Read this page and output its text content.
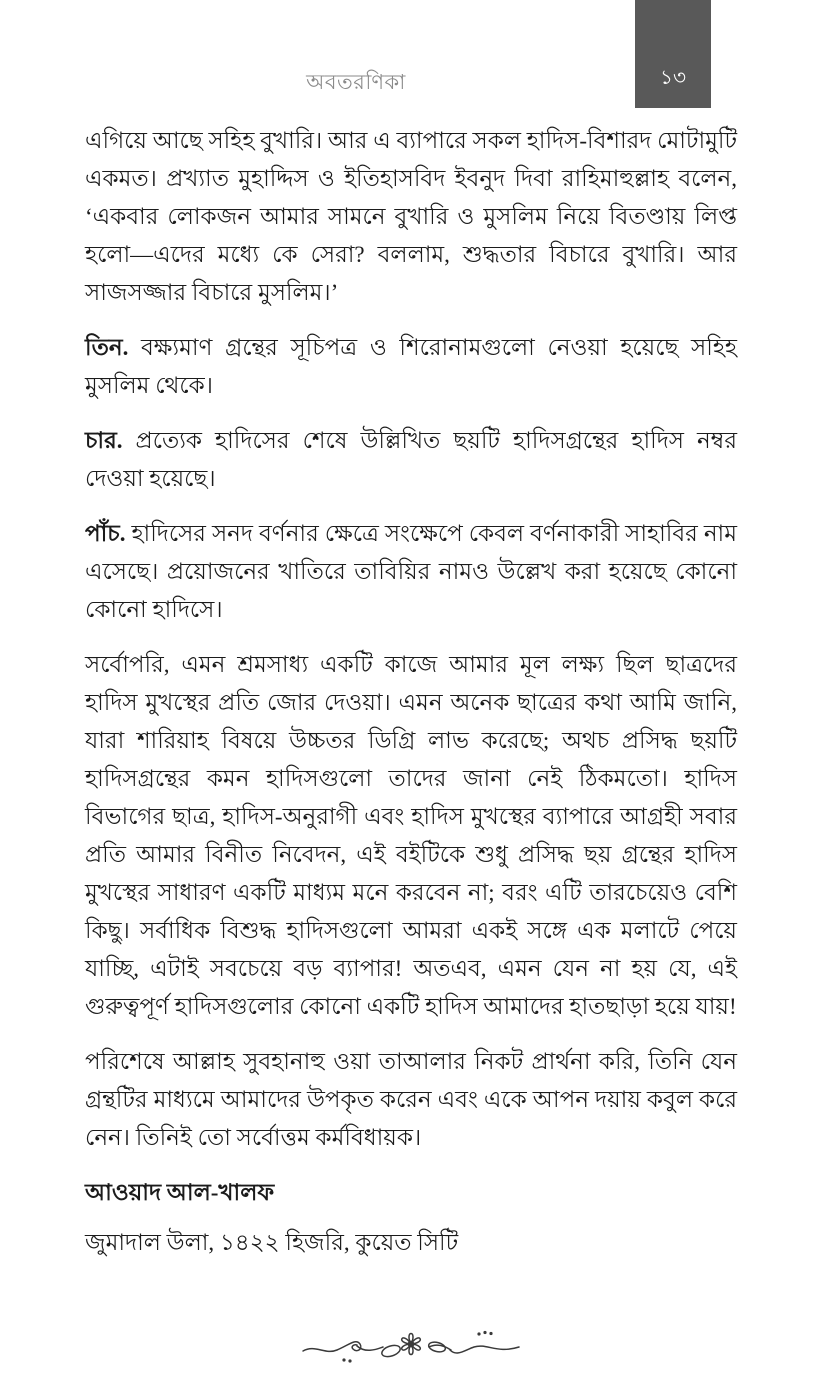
অবতরণিকা	১৩

এগিয়ে আছে সহিহ বুখারি। আর এ ব্যাপারে সকল হাদিস-বিশারদ মোটামুটি একমত। প্রখ্যাত মুহাদ্দিস ও ইতিহাসবিদ ইবনুদ দিবা রাহিমাহুল্লাহ বলেন, ‘একবার লোকজন আমার সামনে বুখারি ও মুসলিম নিয়ে বিতণ্ডায় লিপ্ত হলো—এদের মধ্যে কে সেরা? বললাম, শুদ্ধতার বিচারে বুখারি। আর সাজসজ্জার বিচারে মুসলিম।’

তিন. বক্ষ্যমাণ গ্রন্থের সূচিপত্র ও শিরোনামগুলো নেওয়া হয়েছে সহিহ মুসলিম থেকে।

চার. প্রত্যেক হাদিসের শেষে উল্লিখিত ছয়টি হাদিসগ্রন্থের হাদিস নম্বর দেওয়া হয়েছে।

পাঁচ. হাদিসের সনদ বর্ণনার ক্ষেত্রে সংক্ষেপে কেবল বর্ণনাকারী সাহাবির নাম এসেছে। প্রয়োজনের খাতিরে তাবিয়ির নামও উল্লেখ করা হয়েছে কোনো কোনো হাদিসে।

সর্বোপরি, এমন শ্রমসাধ্য একটি কাজে আমার মূল লক্ষ্য ছিল ছাত্রদের হাদিস মুখস্থের প্রতি জোর দেওয়া। এমন অনেক ছাত্রের কথা আমি জানি, যারা শারিয়াহ বিষয়ে উচ্চতর ডিগ্রি লাভ করেছে; অথচ প্রসিদ্ধ ছয়টি হাদিসগ্রন্থের কমন হাদিসগুলো তাদের জানা নেই ঠিকমতো। হাদিস বিভাগের ছাত্র, হাদিস-অনুরাগী এবং হাদিস মুখস্থের ব্যাপারে আগ্রহী সবার প্রতি আমার বিনীত নিবেদন, এই বইটিকে শুধু প্রসিদ্ধ ছয় গ্রন্থের হাদিস মুখস্থের সাধারণ একটি মাধ্যম মনে করবেন না; বরং এটি তারচেয়েও বেশি কিছু। সর্বাধিক বিশুদ্ধ হাদিসগুলো আমরা একই সঙ্গে এক মলাটে পেয়ে যাচ্ছি, এটাই সবচেয়ে বড় ব্যাপার! অতএব, এমন যেন না হয় যে, এই গুরুত্বপূর্ণ হাদিসগুলোর কোনো একটি হাদিস আমাদের হাতছাড়া হয়ে যায়!

পরিশেষে আল্লাহ সুবহানাহু ওয়া তাআলার নিকট প্রার্থনা করি, তিনি যেন গ্রন্থটির মাধ্যমে আমাদের উপকৃত করেন এবং একে আপন দয়ায় কবুল করে নেন। তিনিই তো সর্বোত্তম কর্মবিধায়ক।

আওয়াদ আল-খালফ

জুমাদাল উলা, ১৪২২ হিজরি, কুয়েত সিটি
